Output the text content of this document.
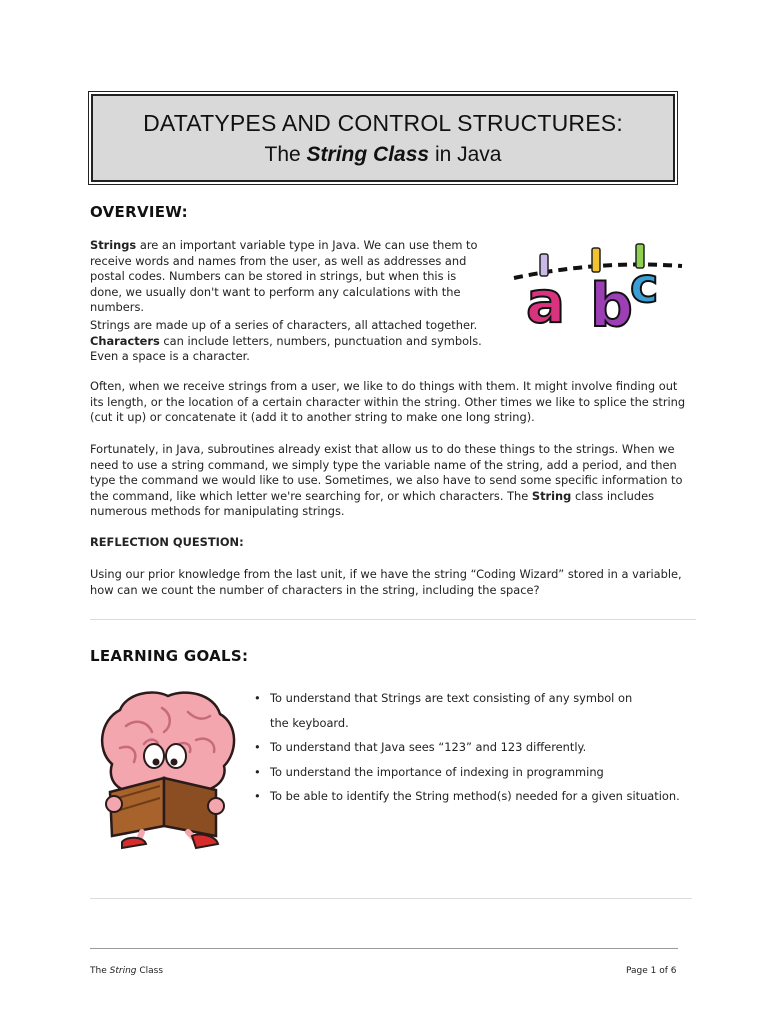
DATATYPES AND CONTROL STRUCTURES:
The String Class in Java
OVERVIEW:

Strings are an important variable type in Java. We can use them to receive words and names from the user, as well as addresses and postal codes. Numbers can be stored in strings, but when this is done, we usually don't want to perform any calculations with the numbers.

Strings are made up of a series of characters, all attached together.
Characters can include letters, numbers, punctuation and symbols. Even a space is a character.

a b
c

Often, when we receive strings from a user, we like to do things with them. It might involve finding out its length, or the location of a certain character within the string. Other times we like to splice the string (cut it up) or concatenate it (add it to another string to make one long string).

Fortunately, in Java, subroutines already exist that allow us to do these things to the strings. When we need to use a string command, we simply type the variable name of the string, add a period, and then type the command we would like to use. Sometimes, we also have to send some specific information to the command, like which letter we're searching for, or which characters. The String class includes numerous methods for manipulating strings.

REFLECTION QUESTION:

Using our prior knowledge from the last unit, if we have the string “Coding Wizard” stored in a variable, how can we count the number of characters in the string, including the space?

LEARNING GOALS:
• To understand that Strings are text consisting of any symbol on the keyboard.
• To understand that Java sees “123” and 123 differently.
• To understand the importance of indexing in programming
• To be able to identify the String method(s) needed for a given situation.
The String Class	Page 1 of 6
